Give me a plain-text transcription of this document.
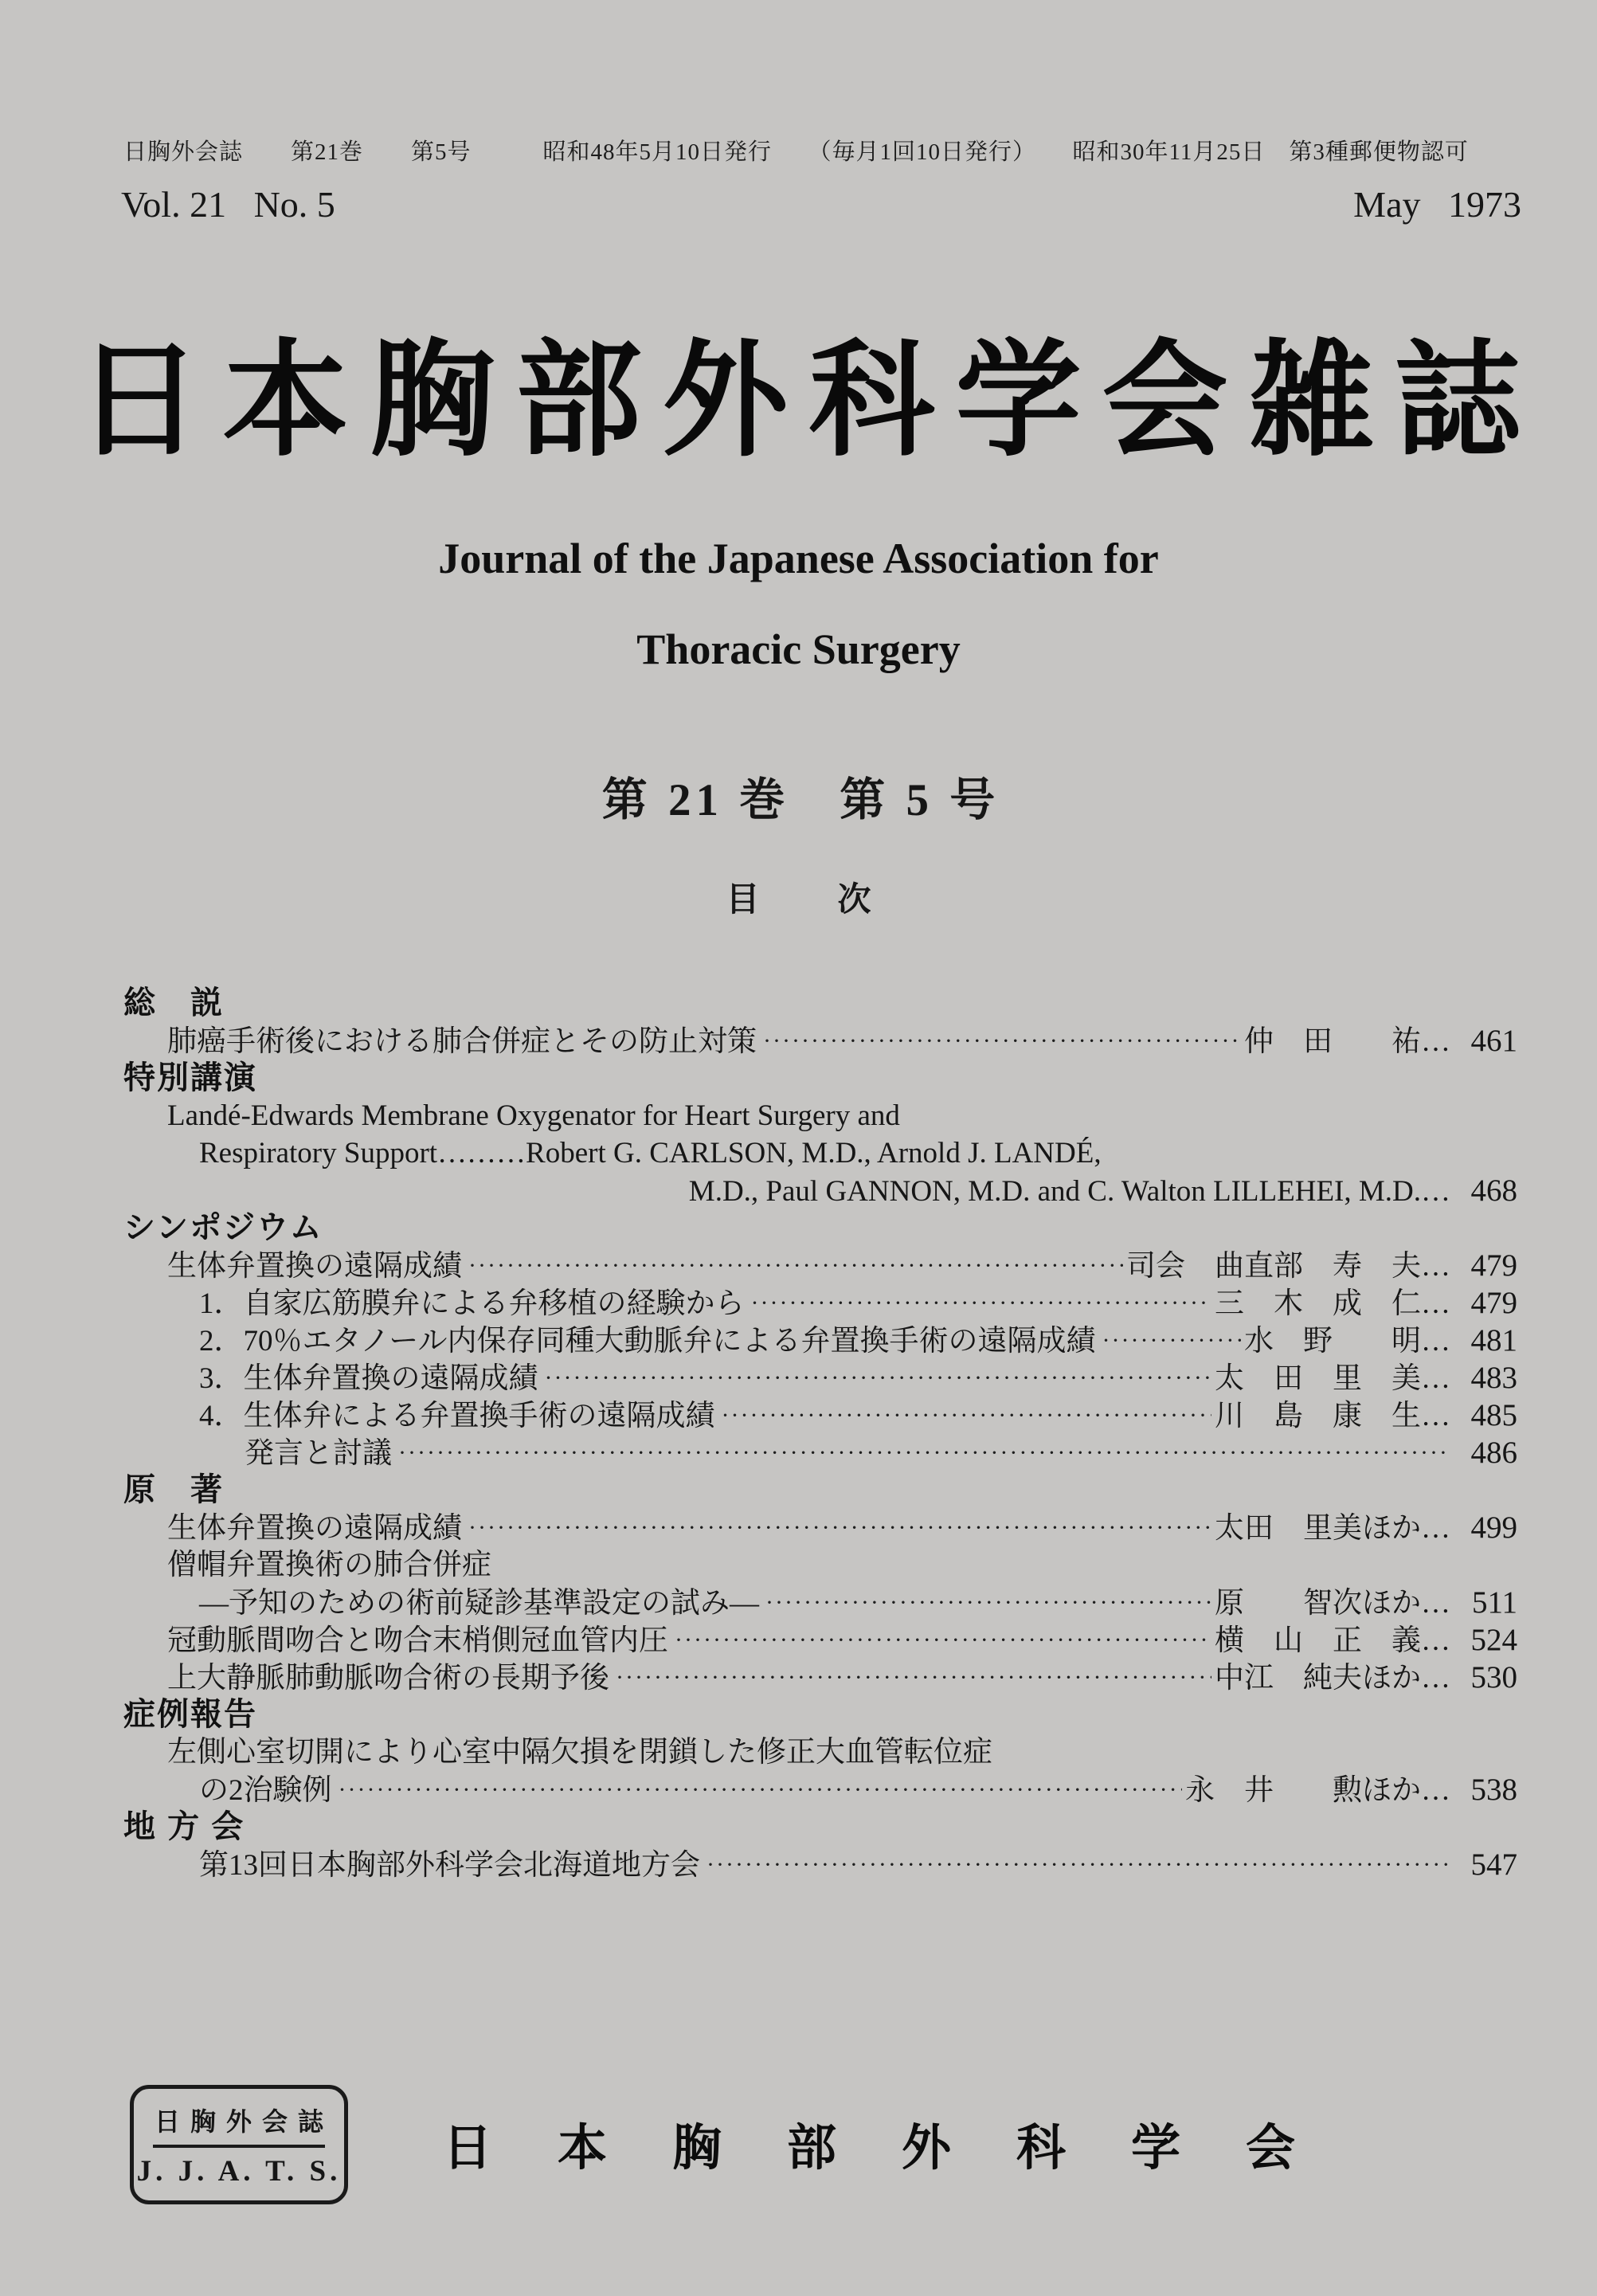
日胸外会誌　　第21巻　　第5号　　　昭和48年5月10日発行　　（毎月1回10日発行）　　昭和30年11月25日　第3種郵便物認可
Vol. 21   No. 5	May   1973
日本胸部外科学会雑誌
Journal of the Japanese Association for
Thoracic Surgery
第 21 巻　第 5 号
目　次
総　説
肺癌手術後における肺合併症とその防止対策 ·····	仲　田　　祐… 461
特別講演
Landé-Edwards Membrane Oxygenator for Heart Surgery and
Respiratory Support………Robert G. CARLSON, M.D., Arnold J. LANDÉ,
M.D., Paul GANNON, M.D. and C. Walton LILLEHEI, M.D.… 468
シンポジウム
生体弁置換の遠隔成績 ·····	司会　曲直部　寿　夫… 479
1．自家広筋膜弁による弁移植の経験から ·····	三　木　成　仁… 479
2．70％エタノール内保存同種大動脈弁による弁置換手術の遠隔成績 ·····	水　野　　明… 481
3．生体弁置換の遠隔成績 ·····	太　田　里　美… 483
4．生体弁による弁置換手術の遠隔成績 ·····	川　島　康　生… 485
発言と討議 ·····	486
原　著
生体弁置換の遠隔成績 ·····	太田　里美ほか… 499
僧帽弁置換術の肺合併症
―予知のための術前疑診基準設定の試み― ·····	原　　智次ほか… 511
冠動脈間吻合と吻合末梢側冠血管内圧 ·····	横　山　正　義… 524
上大静脈肺動脈吻合術の長期予後 ·····	中江　純夫ほか… 530
症例報告
左側心室切開により心室中隔欠損を閉鎖した修正大血管転位症
の2治験例 ·····	永　井　　勲ほか… 538
地 方 会
第13回日本胸部外科学会北海道地方会 ·····	547
日胸外会誌
J. J. A. T. S. 日本胸部外科学会
